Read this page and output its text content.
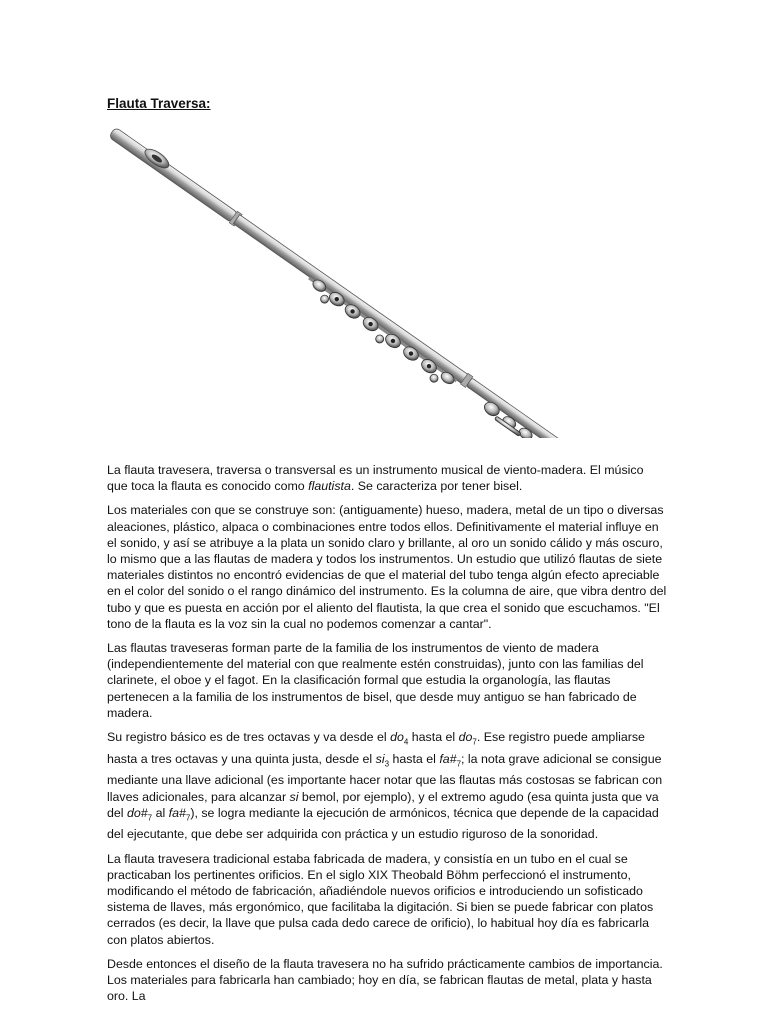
Flauta Traversa:

La flauta travesera, traversa o transversal es un instrumento musical de viento-madera. El músico que toca la flauta es conocido como flautista. Se caracteriza por tener bisel.

Los materiales con que se construye son: (antiguamente) hueso, madera, metal de un tipo o diversas aleaciones, plástico, alpaca o combinaciones entre todos ellos. Definitivamente el material influye en el sonido, y así se atribuye a la plata un sonido claro y brillante, al oro un sonido cálido y más oscuro, lo mismo que a las flautas de madera y todos los instrumentos. Un estudio que utilizó flautas de siete materiales distintos no encontró evidencias de que el material del tubo tenga algún efecto apreciable en el color del sonido o el rango dinámico del instrumento. Es la columna de aire, que vibra dentro del tubo y que es puesta en acción por el aliento del flautista, la que crea el sonido que escuchamos. "El tono de la flauta es la voz sin la cual no podemos comenzar a cantar".

Las flautas traveseras forman parte de la familia de los instrumentos de viento de madera (independientemente del material con que realmente estén construidas), junto con las familias del clarinete, el oboe y el fagot. En la clasificación formal que estudia la organología, las flautas pertenecen a la familia de los instrumentos de bisel, que desde muy antiguo se han fabricado de madera.

Su registro básico es de tres octavas y va desde el $do_4$ hasta el $do_7$. Ese registro puede ampliarse hasta a tres octavas y una quinta justa, desde el $si_3$ hasta el $fa\#_7$; la nota grave adicional se consigue mediante una llave adicional (es importante hacer notar que las flautas más costosas se fabrican con llaves adicionales, para alcanzar si bemol, por ejemplo), y el extremo agudo (esa quinta justa que va del $do\#_7$ al $fa\#_7$), se logra mediante la ejecución de armónicos, técnica que depende de la capacidad del ejecutante, que debe ser adquirida con práctica y un estudio riguroso de la sonoridad.

La flauta travesera tradicional estaba fabricada de madera, y consistía en un tubo en el cual se practicaban los pertinentes orificios. En el siglo XIX Theobald Böhm perfeccionó el instrumento, modificando el método de fabricación, añadiéndole nuevos orificios e introduciendo un sofisticado sistema de llaves, más ergonómico, que facilitaba la digitación. Si bien se puede fabricar con platos cerrados (es decir, la llave que pulsa cada dedo carece de orificio), lo habitual hoy día es fabricarla con platos abiertos.

Desde entonces el diseño de la flauta travesera no ha sufrido prácticamente cambios de importancia. Los materiales para fabricarla han cambiado; hoy en día, se fabrican flautas de metal, plata y hasta oro. La
